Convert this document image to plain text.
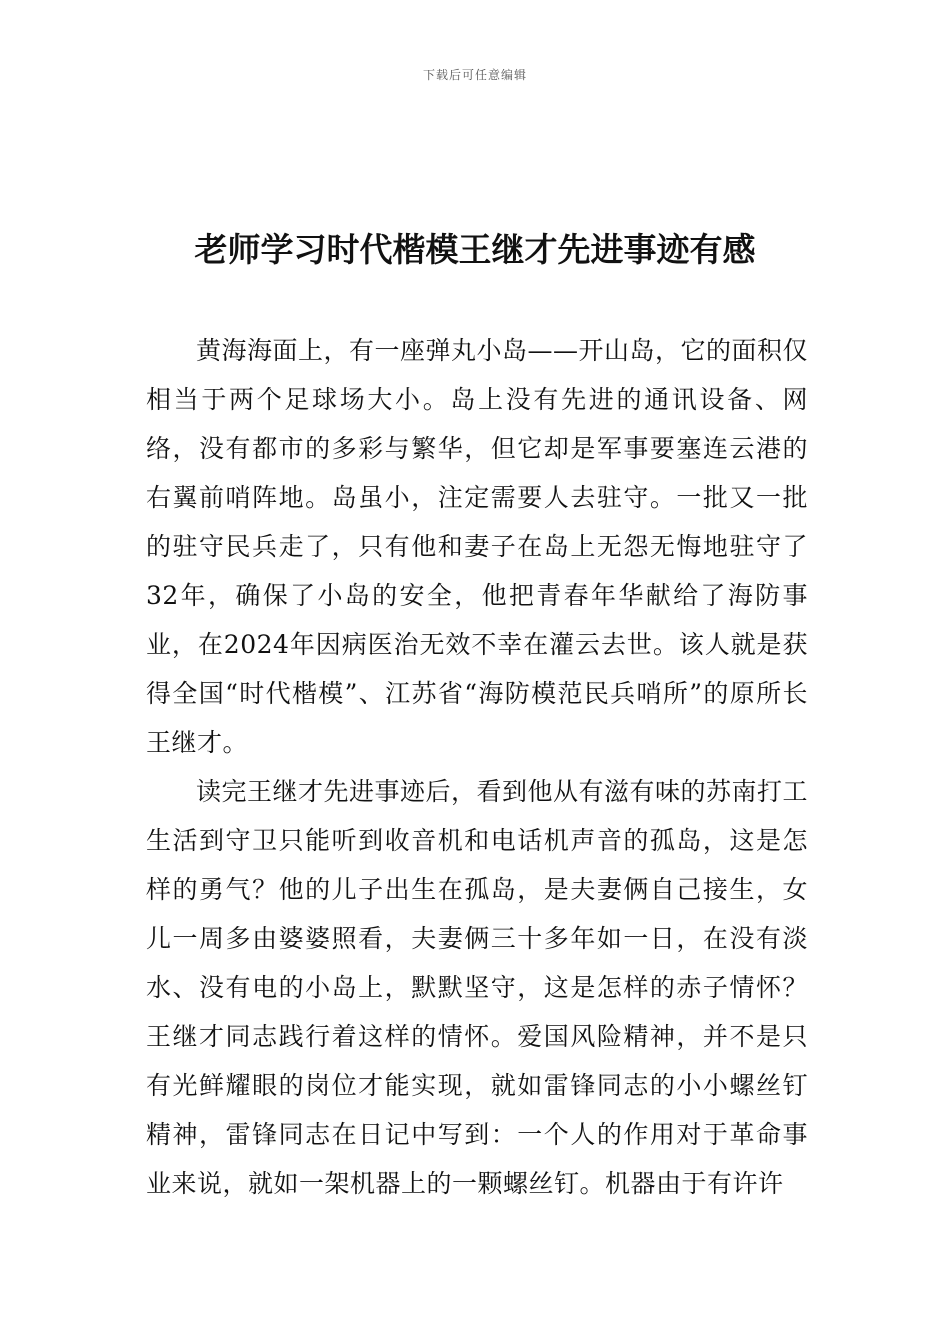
下载后可任意编辑
老师学习时代楷模王继才先进事迹有感

黄海海面上，有一座弹丸小岛——开山岛，它的面积仅相当于两个足球场大小。岛上没有先进的通讯设备、网络，没有都市的多彩与繁华，但它却是军事要塞连云港的右翼前哨阵地。岛虽小，注定需要人去驻守。一批又一批的驻守民兵走了，只有他和妻子在岛上无怨无悔地驻守了32年，确保了小岛的安全，他把青春年华献给了海防事业，在2024年因病医治无效不幸在灌云去世。该人就是获得全国“时代楷模”、江苏省“海防模范民兵哨所”的原所长王继才。

读完王继才先进事迹后，看到他从有滋有味的苏南打工生活到守卫只能听到收音机和电话机声音的孤岛，这是怎样的勇气？他的儿子出生在孤岛，是夫妻俩自己接生，女儿一周多由婆婆照看，夫妻俩三十多年如一日，在没有淡水、没有电的小岛上，默默坚守，这是怎样的赤子情怀？王继才同志践行着这样的情怀。爱国风险精神，并不是只有光鲜耀眼的岗位才能实现，就如雷锋同志的小小螺丝钉精神，雷锋同志在日记中写到：一个人的作用对于革命事业来说，就如一架机器上的一颗螺丝钉。机器由于有许许
